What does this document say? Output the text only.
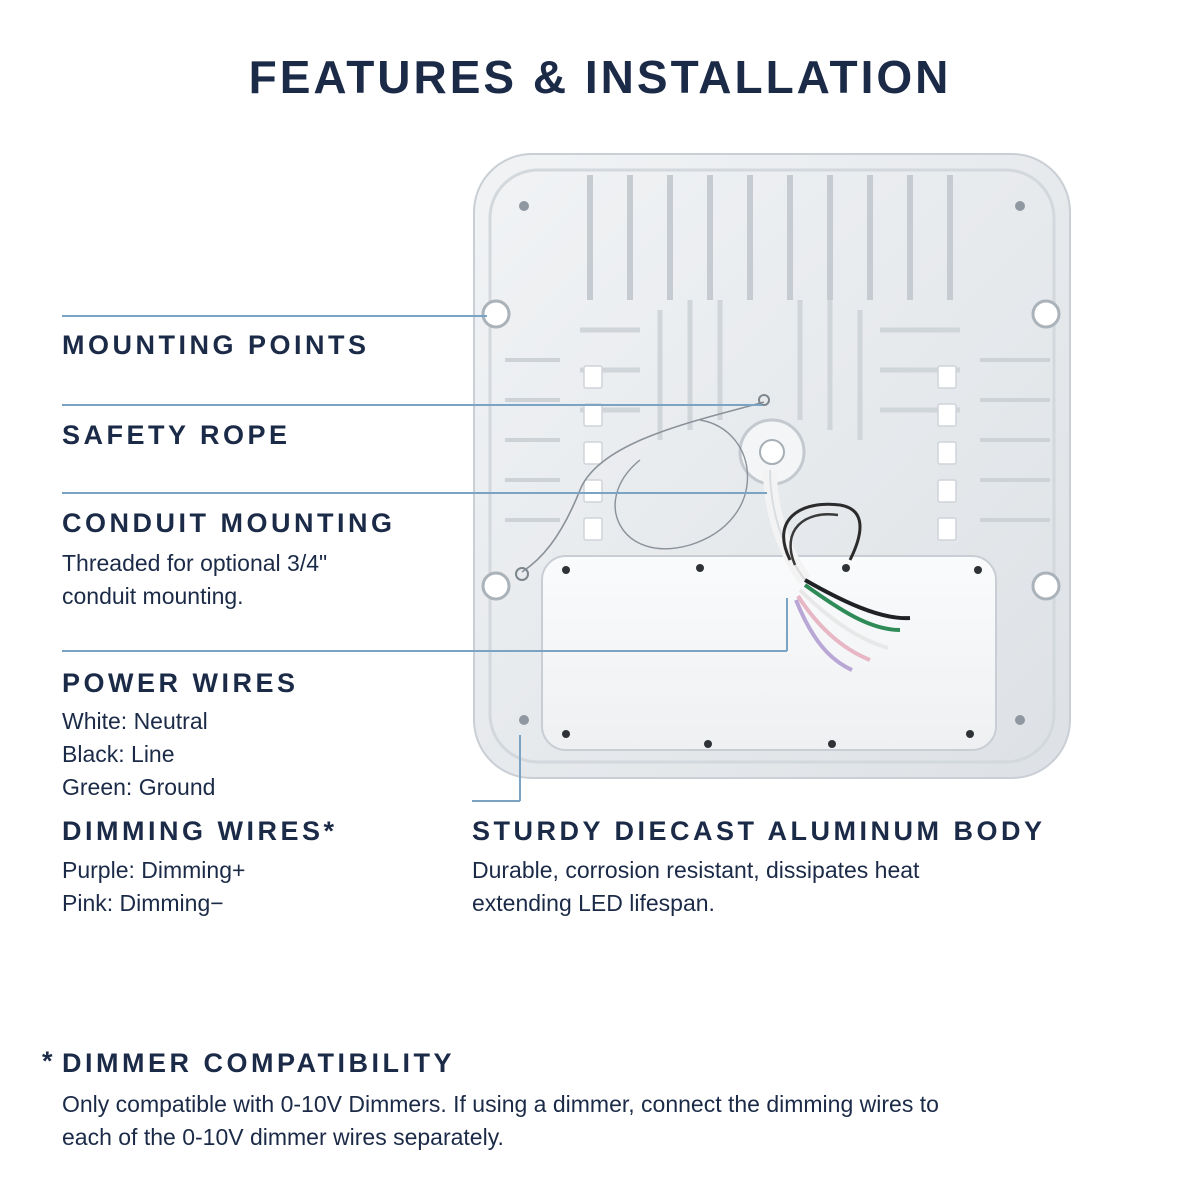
FEATURES & INSTALLATION
MOUNTING POINTS
SAFETY ROPE
CONDUIT MOUNTING
Threaded for optional 3/4"
conduit mounting.
POWER WIRES
White: Neutral
Black: Line
Green: Ground
DIMMING WIRES*
Purple: Dimming+
Pink: Dimming−
STURDY DIECAST ALUMINUM BODY
Durable, corrosion resistant, dissipates heat
extending LED lifespan.
* DIMMER COMPATIBILITY
Only compatible with 0-10V Dimmers. If using a dimmer, connect the dimming wires to
each of the 0-10V dimmer wires separately.
